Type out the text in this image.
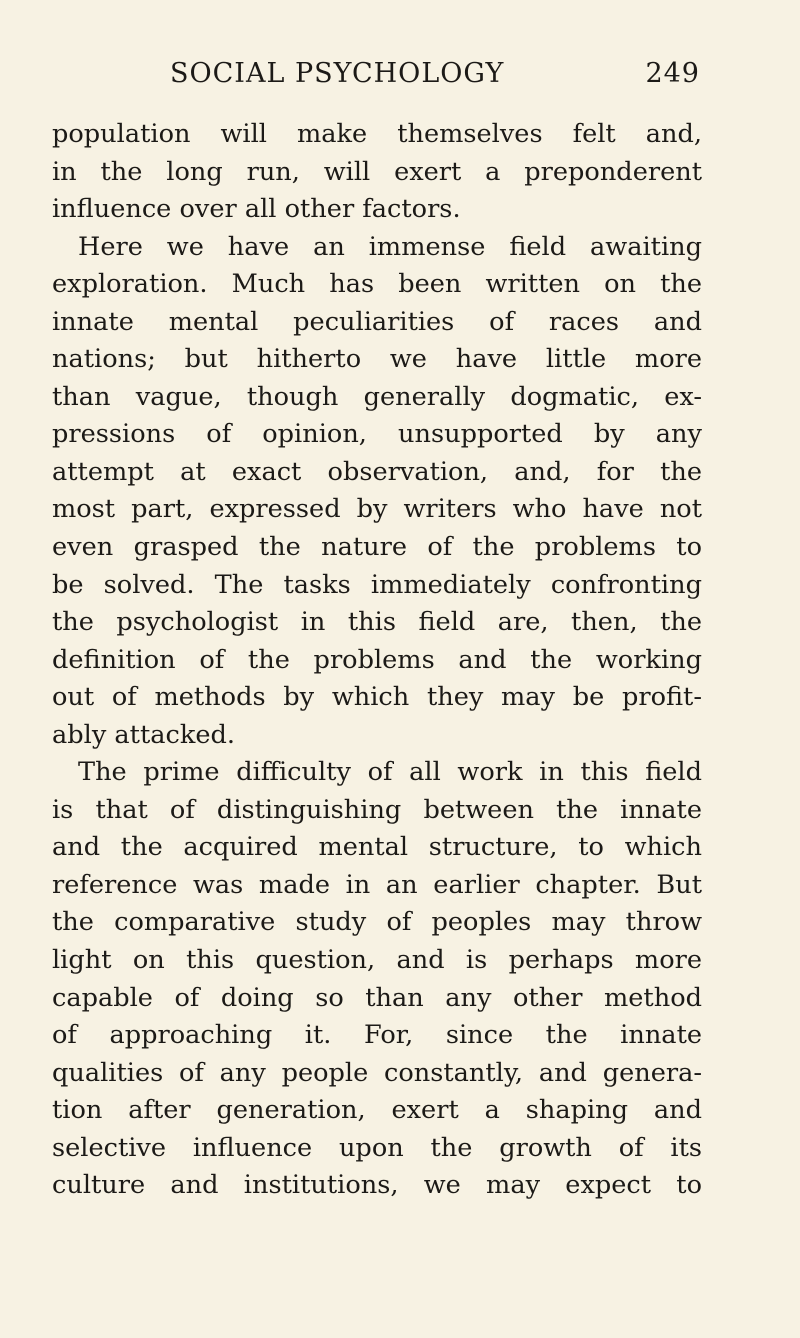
SOCIAL PSYCHOLOGY	249
population will make themselves felt and,
in the long run, will exert a preponderent
influence over all other factors.
Here we have an immense field awaiting
exploration. Much has been written on the
innate mental peculiarities of races and
nations; but hitherto we have little more
than vague, though generally dogmatic, ex-
pressions of opinion, unsupported by any
attempt at exact observation, and, for the
most part, expressed by writers who have not
even grasped the nature of the problems to
be solved. The tasks immediately confronting
the psychologist in this field are, then, the
definition of the problems and the working
out of methods by which they may be profit-
ably attacked.
The prime difficulty of all work in this field
is that of distinguishing between the innate
and the acquired mental structure, to which
reference was made in an earlier chapter. But
the comparative study of peoples may throw
light on this question, and is perhaps more
capable of doing so than any other method
of approaching it. For, since the innate
qualities of any people constantly, and genera-
tion after generation, exert a shaping and
selective influence upon the growth of its
culture and institutions, we may expect to
